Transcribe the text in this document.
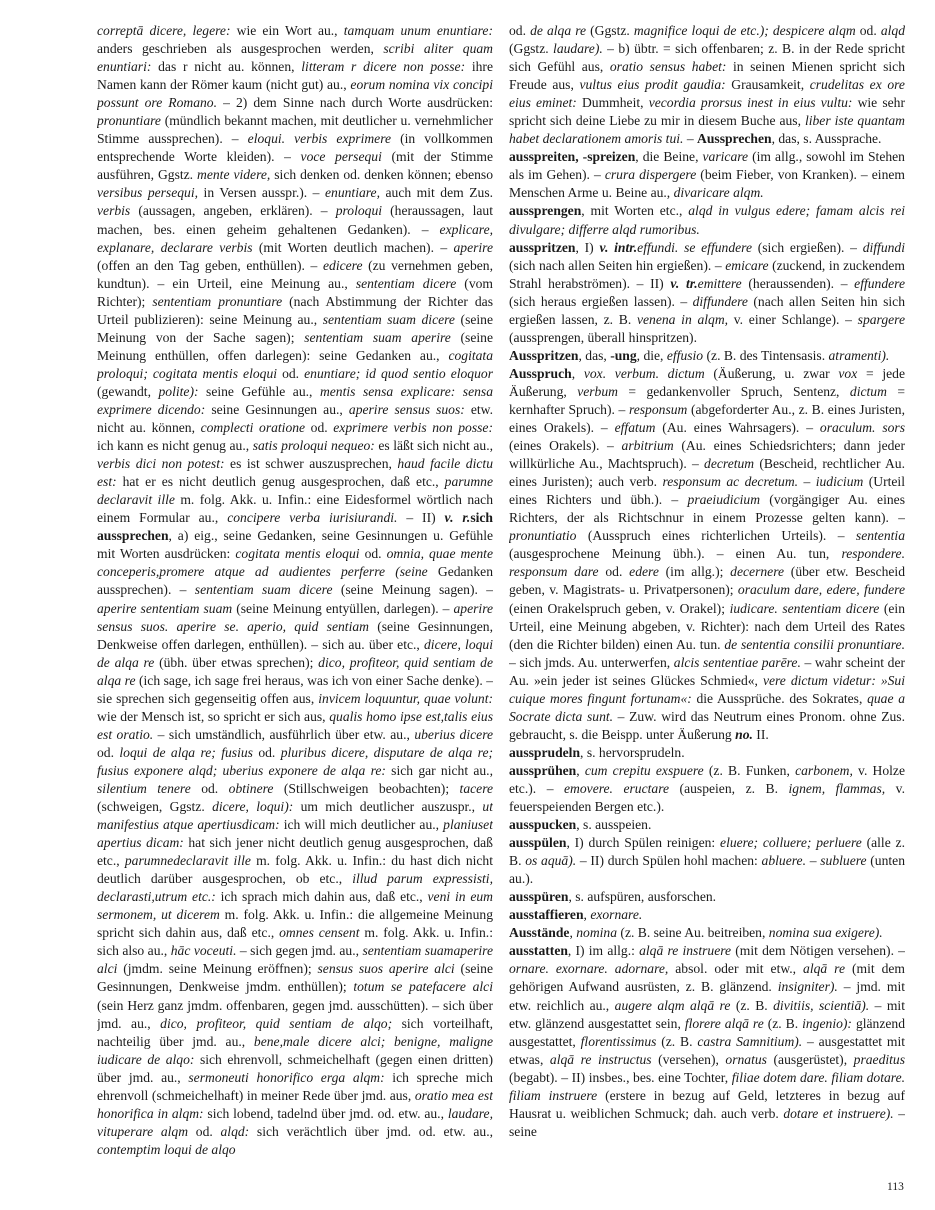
correptā dicere, legere: wie ein Wort au., tamquam unum enuntiare: anders geschrieben als ausgesprochen werden, scribi aliter quam enuntiari: das r nicht au. können, litteram r dicere non posse: ihre Namen kann der Römer kaum (nicht gut) au., eorum nomina vix concipi possunt ore Romano. – 2) dem Sinne nach durch Worte ausdrücken: pronuntiare (mündlich bekannt machen, mit deutlicher u. vernehmlicher Stimme aussprechen). – eloqui. verbis exprimere (in vollkommen entsprechende Worte kleiden). – voce persequi (mit der Stimme ausführen, Ggstz. mente videre, sich denken od. denken können; ebenso versibus persequi, in Versen ausspr.). – enuntiare, auch mit dem Zus. verbis (aussagen, angeben, erklären). – proloqui (heraussagen, laut machen, bes. einen geheim gehaltenen Gedanken). – explicare, explanare, declarare verbis (mit Worten deutlich machen). – aperire (offen an den Tag geben, enthüllen). – edicere (zu vernehmen geben, kundtun). – ein Urteil, eine Meinung au., sententiam dicere (vom Richter); sententiam pronuntiare (nach Abstimmung der Richter das Urteil publizieren): seine Meinung au., sententiam suam dicere (seine Meinung von der Sache sagen); sententiam suam aperire (seine Meinung enthüllen, offen darlegen): seine Gedanken au., cogitata proloqui; cogitata mentis eloqui od. enuntiare; id quod sentio eloquor (gewandt, polite): seine Gefühle au., mentis sensa explicare: sensa exprimere dicendo: seine Gesinnungen au., aperire sensus suos: etw. nicht au. können, complecti oratione od. exprimere verbis non posse: ich kann es nicht genug au., satis proloqui nequeo: es läßt sich nicht au., verbis dici non potest: es ist schwer auszusprechen, haud facile dictu est: hat er es nicht deutlich genug ausgesprochen, daß etc., parumne declaravit ille m. folg. Akk. u. Infin.: eine Eidesformel wörtlich nach einem Formular au., concipere verba iurisiurandi. – II) v. r.sich aussprechen, a) eig., seine Gedanken, seine Gesinnungen u. Gefühle mit Worten ausdrücken: cogitata mentis eloqui od. omnia, quae mente conceperis,promere atque ad audientes perferre (seine Gedanken aussprechen). – sententiam suam dicere (seine Meinung sagen). – aperire sententiam suam (seine Meinung entyüllen, darlegen). – aperire sensus suos. aperire se. aperio, quid sentiam (seine Gesinnungen, Denkweise offen darlegen, enthüllen). – sich au. über etc., dicere, loqui de alqa re (übh. über etwas sprechen); dico, profiteor, quid sentiam de alqa re (ich sage, ich sage frei heraus, was ich von einer Sache denke). – sie sprechen sich gegenseitig offen aus, invicem loquuntur, quae volunt: wie der Mensch ist, so spricht er sich aus, qualis homo ipse est,talis eius est oratio. – sich umständlich, ausführlich über etw. au., uberius dicere od. loqui de alqa re; fusius od. pluribus dicere, disputare de alqa re; fusius exponere alqd; uberius exponere de alqa re: sich gar nicht au., silentium tenere od. obtinere (Stillschweigen beobachten); tacere (schweigen, Ggstz. dicere, loqui): um mich deutlicher auszuspr., ut manifestius atque apertiusdicam: ich will mich deutlicher au., planiuset apertius dicam: hat sich jener nicht deutlich genug ausgesprochen, daß etc., parumnedeclaravit ille m. folg. Akk. u. Infin.: du hast dich nicht deutlich darüber ausgesprochen, ob etc., illud parum expressisti, declarasti,utrum etc.: ich sprach mich dahin aus, daß etc., veni in eum sermonem, ut dicerem m. folg. Akk. u. Infin.: die allgemeine Meinung spricht sich dahin aus, daß etc., omnes censent m. folg. Akk. u. Infin.: sich also au., hāc voceuti. – sich gegen jmd. au., sententiam suamaperire alci (jmdm. seine Meinung eröffnen); sensus suos aperire alci (seine Gesinnungen, Denkweise jmdm. enthüllen); totum se patefacere alci (sein Herz ganz jmdm. offenbaren, gegen jmd. ausschütten). – sich über jmd. au., dico, profiteor, quid sentiam de alqo; sich vorteilhaft, nachteilig über jmd. au., bene,male dicere alci; benigne, maligne iudicare de alqo: sich ehrenvoll, schmeichelhaft (gegen einen dritten) über jmd. au., sermoneuti honorifico erga alqm: ich spreche mich ehrenvoll (schmeichelhaft) in meiner Rede über jmd. aus, oratio mea est honorifica in alqm: sich lobend, tadelnd über jmd. od. etw. au., laudare, vituperare alqm od. alqd: sich verächtlich über jmd. od. etw. au., contemptim loqui de alqo

od. de alqa re (Ggstz. magnifice loqui de etc.); despicere alqm od. alqd (Ggstz. laudare). – b) übtr. = sich offenbaren; z. B. in der Rede spricht sich Gefühl aus, oratio sensus habet: in seinen Mienen spricht sich Freude aus, vultus eius prodit gaudia: Grausamkeit, crudelitas ex ore eius eminet: Dummheit, vecordia prorsus inest in eius vultu: wie sehr spricht sich deine Liebe zu mir in diesem Buche aus, liber iste quantam habet declarationem amoris tui. – Aussprechen, das, s. Aussprache.

ausspreiten, -spreizen, die Beine, varicare (im allg., sowohl im Stehen als im Gehen). – crura dispergere (beim Fieber, von Kranken). – einem Menschen Arme u. Beine au., divaricare alqm.

aussprengen, mit Worten etc., alqd in vulgus edere; famam alcis rei divulgare; differre alqd rumoribus.

ausspritzen, I) v. intr.effundi. se effundere (sich ergießen). – diffundi (sich nach allen Seiten hin ergießen). – emicare (zuckend, in zuckendem Strahl herabströmen). – II) v. tr.emittere (heraussenden). – effundere (sich heraus ergießen lassen). – diffundere (nach allen Seiten hin sich ergießen lassen, z. B. venena in alqm, v. einer Schlange). – spargere (aussprengen, überall hinspritzen).

Ausspritzen, das, -ung, die, effusio (z. B. des Tintensasis. atramenti).

Ausspruch, vox. verbum. dictum (Äußerung, u. zwar vox = jede Äußerung, verbum = gedankenvoller Spruch, Sentenz, dictum = kernhafter Spruch). – responsum (abgeforderter Au., z. B. eines Juristen, eines Orakels). – effatum (Au. eines Wahrsagers). – oraculum. sors (eines Orakels). – arbitrium (Au. eines Schiedsrichters; dann jeder willkürliche Au., Machtspruch). – decretum (Bescheid, rechtlicher Au. eines Juristen); auch verb. responsum ac decretum. – iudicium (Urteil eines Richters und übh.). – praeiudicium (vorgängiger Au. eines Richters, der als Richtschnur in einem Prozesse gelten kann). – pronuntiatio (Ausspruch eines richterlichen Urteils). – sententia (ausgesprochene Meinung übh.). – einen Au. tun, respondere. responsum dare od. edere (im allg.); decernere (über etw. Bescheid geben, v. Magistrats- u. Privatpersonen); oraculum dare, edere, fundere (einen Orakelspruch geben, v. Orakel); iudicare. sententiam dicere (ein Urteil, eine Meinung abgeben, v. Richter): nach dem Urteil des Rates (den die Richter bilden) einen Au. tun. de sententia consilii pronuntiare. – sich jmds. Au. unterwerfen, alcis sententiae parēre. – wahr scheint der Au. »ein jeder ist seines Glückes Schmied«, vere dictum videtur: »Sui cuique mores fingunt fortunam«: die Aussprüche. des Sokrates, quae a Socrate dicta sunt. – Zuw. wird das Neutrum eines Pronom. ohne Zus. gebraucht, s. die Beispp. unter Äußerung no. II.

aussprudeln, s. hervorsprudeln.

aussprühen, cum crepitu exspuere (z. B. Funken, carbonem, v. Holze etc.). – emovere. eructare (auspeien, z. B. ignem, flammas, v. feuerspeienden Bergen etc.).

ausspucken, s. ausspeien.

ausspülen, I) durch Spülen reinigen: eluere; colluere; perluere (alle z. B. os aquā). – II) durch Spülen hohl machen: abluere. – subluere (unten au.).

ausspüren, s. aufspüren, ausforschen.

ausstaffieren, exornare.

Ausstände, nomina (z. B. seine Au. beitreiben, nomina sua exigere).

ausstatten, I) im allg.: alqā re instruere (mit dem Nötigen versehen). – ornare. exornare. adornare, absol. oder mit etw., alqā re (mit dem gehörigen Aufwand ausrüsten, z. B. glänzend. insigniter). – jmd. mit etw. reichlich au., augere alqm alqā re (z. B. divitiis, scientiā). – mit etw. glänzend ausgestattet sein, florere alqā re (z. B. ingenio): glänzend ausgestattet, florentissimus (z. B. castra Samnitium). – ausgestattet mit etwas, alqā re instructus (versehen), ornatus (ausgerüstet), praeditus (begabt). – II) insbes., bes. eine Tochter, filiae dotem dare. filiam dotare. filiam instruere (erstere in bezug auf Geld, letzteres in bezug auf Hausrat u. weiblichen Schmuck; dah. auch verb. dotare et instruere). – seine

113
